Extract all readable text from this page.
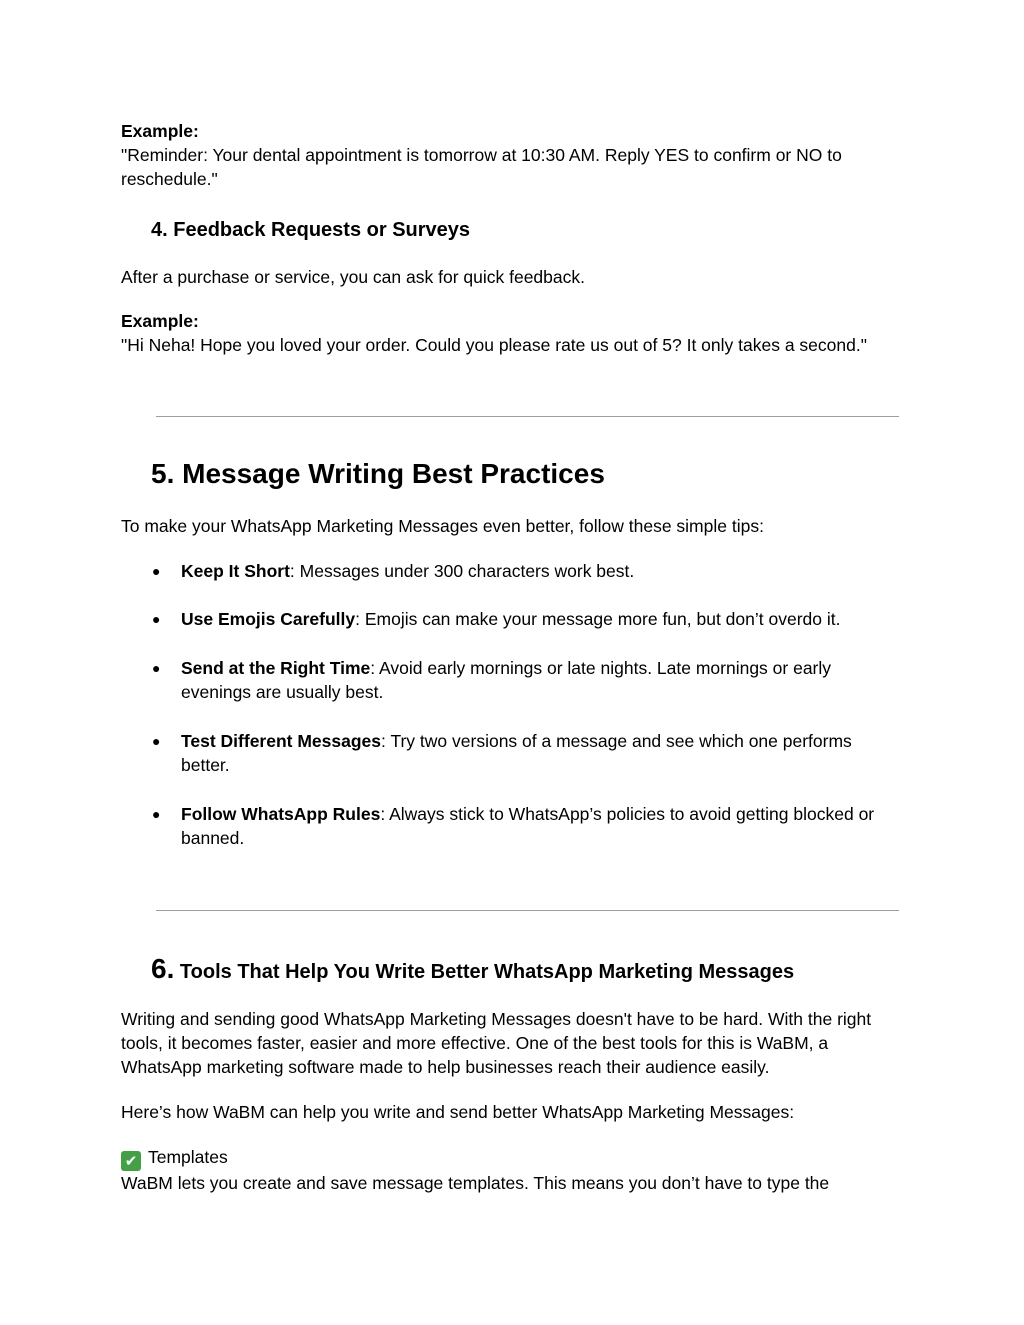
Example:
"Reminder: Your dental appointment is tomorrow at 10:30 AM. Reply YES to confirm or NO to reschedule."

4. Feedback Requests or Surveys

After a purchase or service, you can ask for quick feedback.

Example:
"Hi Neha! Hope you loved your order. Could you please rate us out of 5? It only takes a second."

5. Message Writing Best Practices

To make your WhatsApp Marketing Messages even better, follow these simple tips:

● Keep It Short: Messages under 300 characters work best.
● Use Emojis Carefully: Emojis can make your message more fun, but don’t overdo it.
● Send at the Right Time: Avoid early mornings or late nights. Late mornings or early evenings are usually best.
● Test Different Messages: Try two versions of a message and see which one performs better.
● Follow WhatsApp Rules: Always stick to WhatsApp’s policies to avoid getting blocked or banned.
6. Tools That Help You Write Better WhatsApp Marketing Messages

Writing and sending good WhatsApp Marketing Messages doesn't have to be hard. With the right tools, it becomes faster, easier and more effective. One of the best tools for this is WaBM, a WhatsApp marketing software made to help businesses reach their audience easily.

Here’s how WaBM can help you write and send better WhatsApp Marketing Messages:

✔ Templates
WaBM lets you create and save message templates. This means you don’t have to type the
